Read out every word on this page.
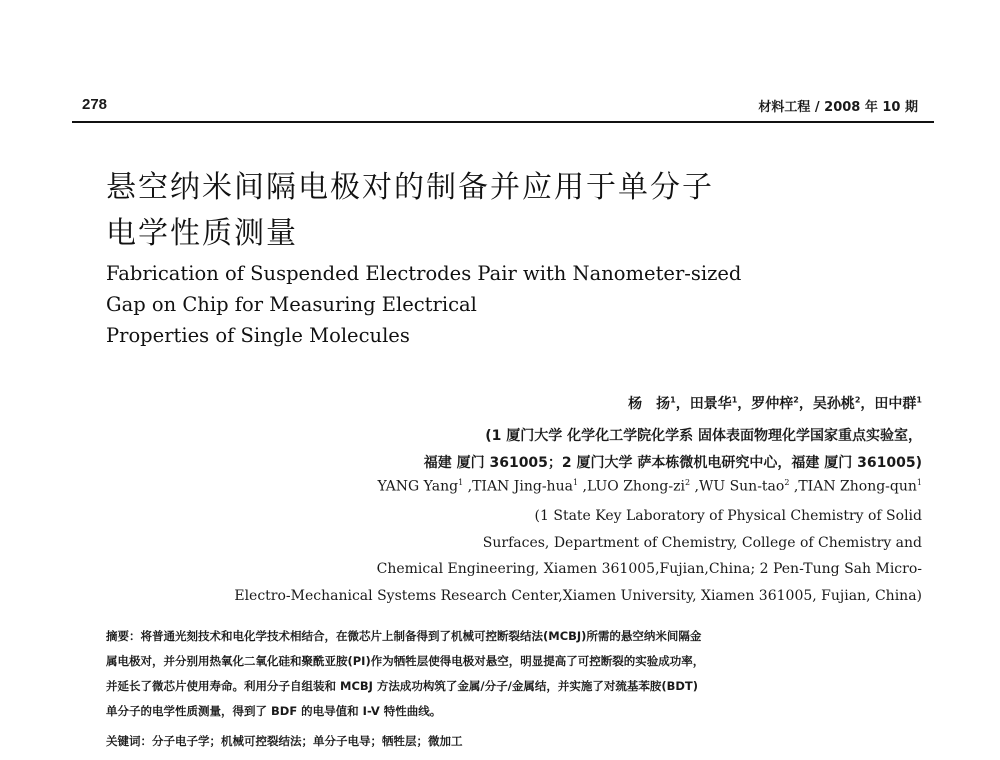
278	材料工程 / 2008 年 10 期
悬空纳米间隔电极对的制备并应用于单分子
电学性质测量
Fabrication of Suspended Electrodes Pair with Nanometer-sized
Gap on Chip for Measuring Electrical
Properties of Single Molecules
杨　扬$^1$，田景华$^1$，罗仲梓$^2$，吴孙桃$^2$，田中群$^1$
(1 厦门大学 化学化工学院化学系 固体表面物理化学国家重点实验室，
福建 厦门 361005；2 厦门大学 萨本栋微机电研究中心，福建 厦门 361005)
YANG Yang$^1$ ,TIAN Jing-hua$^1$ ,LUO Zhong-$zi^2$ ,WU Sun-tao$^2$ ,TIAN Zhong-qun$^1$
(1 State Key Laboratory of Physical Chemistry of Solid
Surfaces, Department of Chemistry, College of Chemistry and
Chemical Engineering, Xiamen 361005,Fujian,China; 2 Pen-Tung Sah Micro-
Electro-Mechanical Systems Research Center,Xiamen University, Xiamen 361005, Fujian, China)
摘要：将普通光刻技术和电化学技术相结合，在微芯片上制备得到了机械可控断裂结法(MCBJ)所需的悬空纳米间隔金
属电极对，并分别用热氧化二氧化硅和聚酰亚胺(PI)作为牺牲层使得电极对悬空，明显提高了可控断裂的实验成功率，
并延长了微芯片使用寿命。利用分子自组装和 MCBJ 方法成功构筑了金属/分子/金属结，并实施了对巯基苯胺(BDT)
单分子的电学性质测量，得到了 BDF 的电导值和 I-V 特性曲线。
关键词：分子电子学；机械可控裂结法；单分子电导；牺牲层；微加工
